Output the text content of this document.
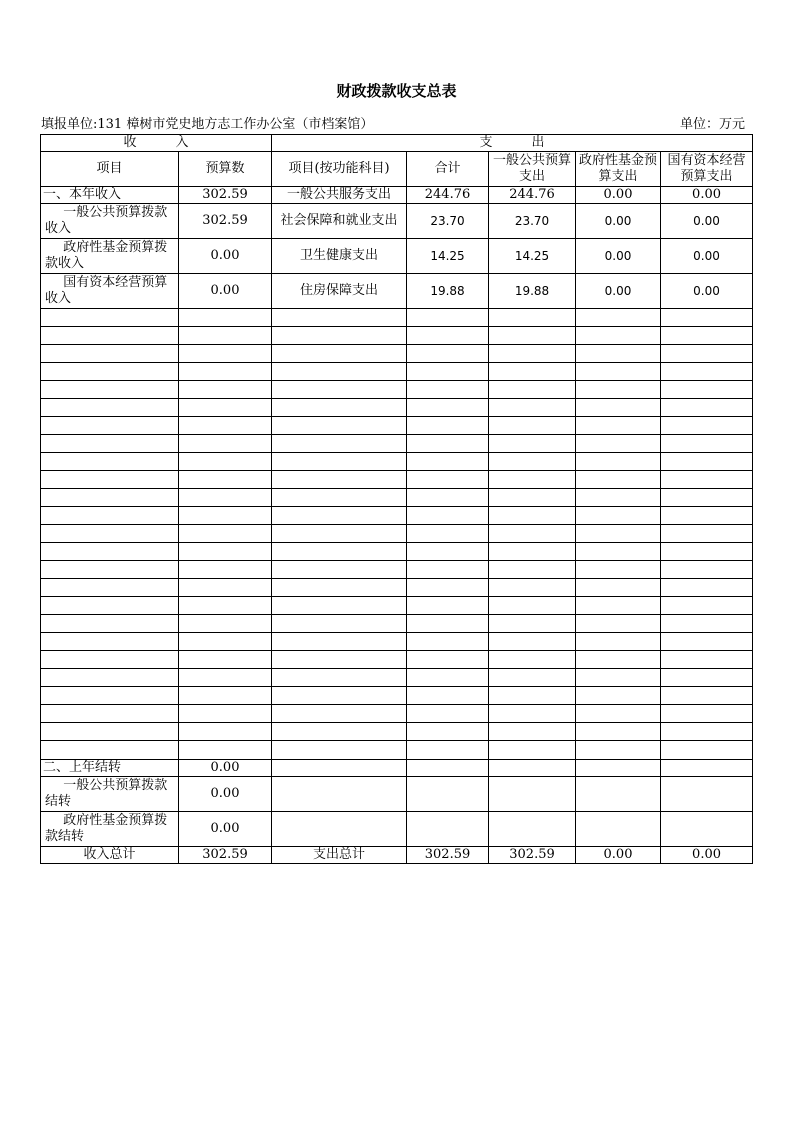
财政拨款收支总表
填报单位:131 樟树市党史地方志工作办公室（市档案馆）	单位：万元
收　　　入		支　　　出				
项目	预算数	项目(按功能科目)	合计	一般公共预算支出	政府性基金预算支出	国有资本经营预算支出
一、本年收入	302.59	一般公共服务支出	244.76	244.76	0.00	0.00
一般公共预算拨款收入	302.59	社会保障和就业支出	23.70	23.70	0.00	0.00
政府性基金预算拨款收入	0.00	卫生健康支出	14.25	14.25	0.00	0.00
国有资本经营预算收入	0.00	住房保障支出	19.88	19.88	0.00	0.00

二、上年结转	0.00					
一般公共预算拨款结转	0.00					
政府性基金预算拨款结转	0.00					
收入总计	302.59	支出总计	302.59	302.59	0.00	0.00
